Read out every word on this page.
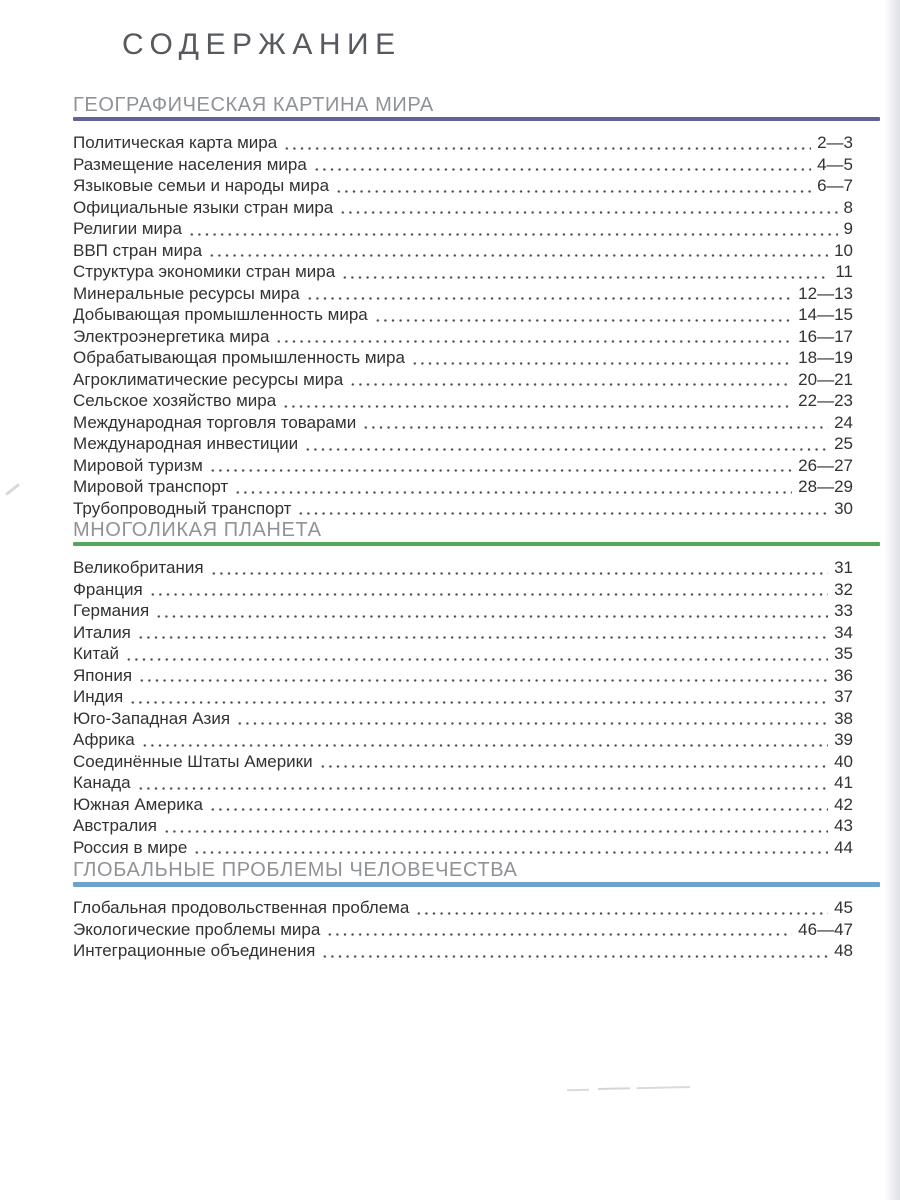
СОДЕРЖАНИЕ
ГЕОГРАФИЧЕСКАЯ КАРТИНА МИРА
Политическая карта мира	2—3
Размещение населения мира	4—5
Языковые семьи и народы мира	6—7
Официальные языки стран мира	8
Религии мира	9
ВВП стран мира	10
Структура экономики стран мира	11
Минеральные ресурсы мира	12—13
Добывающая промышленность мира	14—15
Электроэнергетика мира	16—17
Обрабатывающая промышленность мира	18—19
Агроклиматические ресурсы мира	20—21
Сельское хозяйство мира	22—23
Международная торговля товарами	24
Международная инвестиции	25
Мировой туризм	26—27
Мировой транспорт	28—29
Трубопроводный транспорт	30
МНОГОЛИКАЯ ПЛАНЕТА
Великобритания	31
Франция	32
Германия	33
Италия	34
Китай	35
Япония	36
Индия	37
Юго-Западная Азия	38
Африка	39
Соединённые Штаты Америки	40
Канада	41
Южная Америка	42
Австралия	43
Россия в мире	44
ГЛОБАЛЬНЫЕ ПРОБЛЕМЫ ЧЕЛОВЕЧЕСТВА
Глобальная продовольственная проблема	45
Экологические проблемы мира	46—47
Интеграционные объединения	48
